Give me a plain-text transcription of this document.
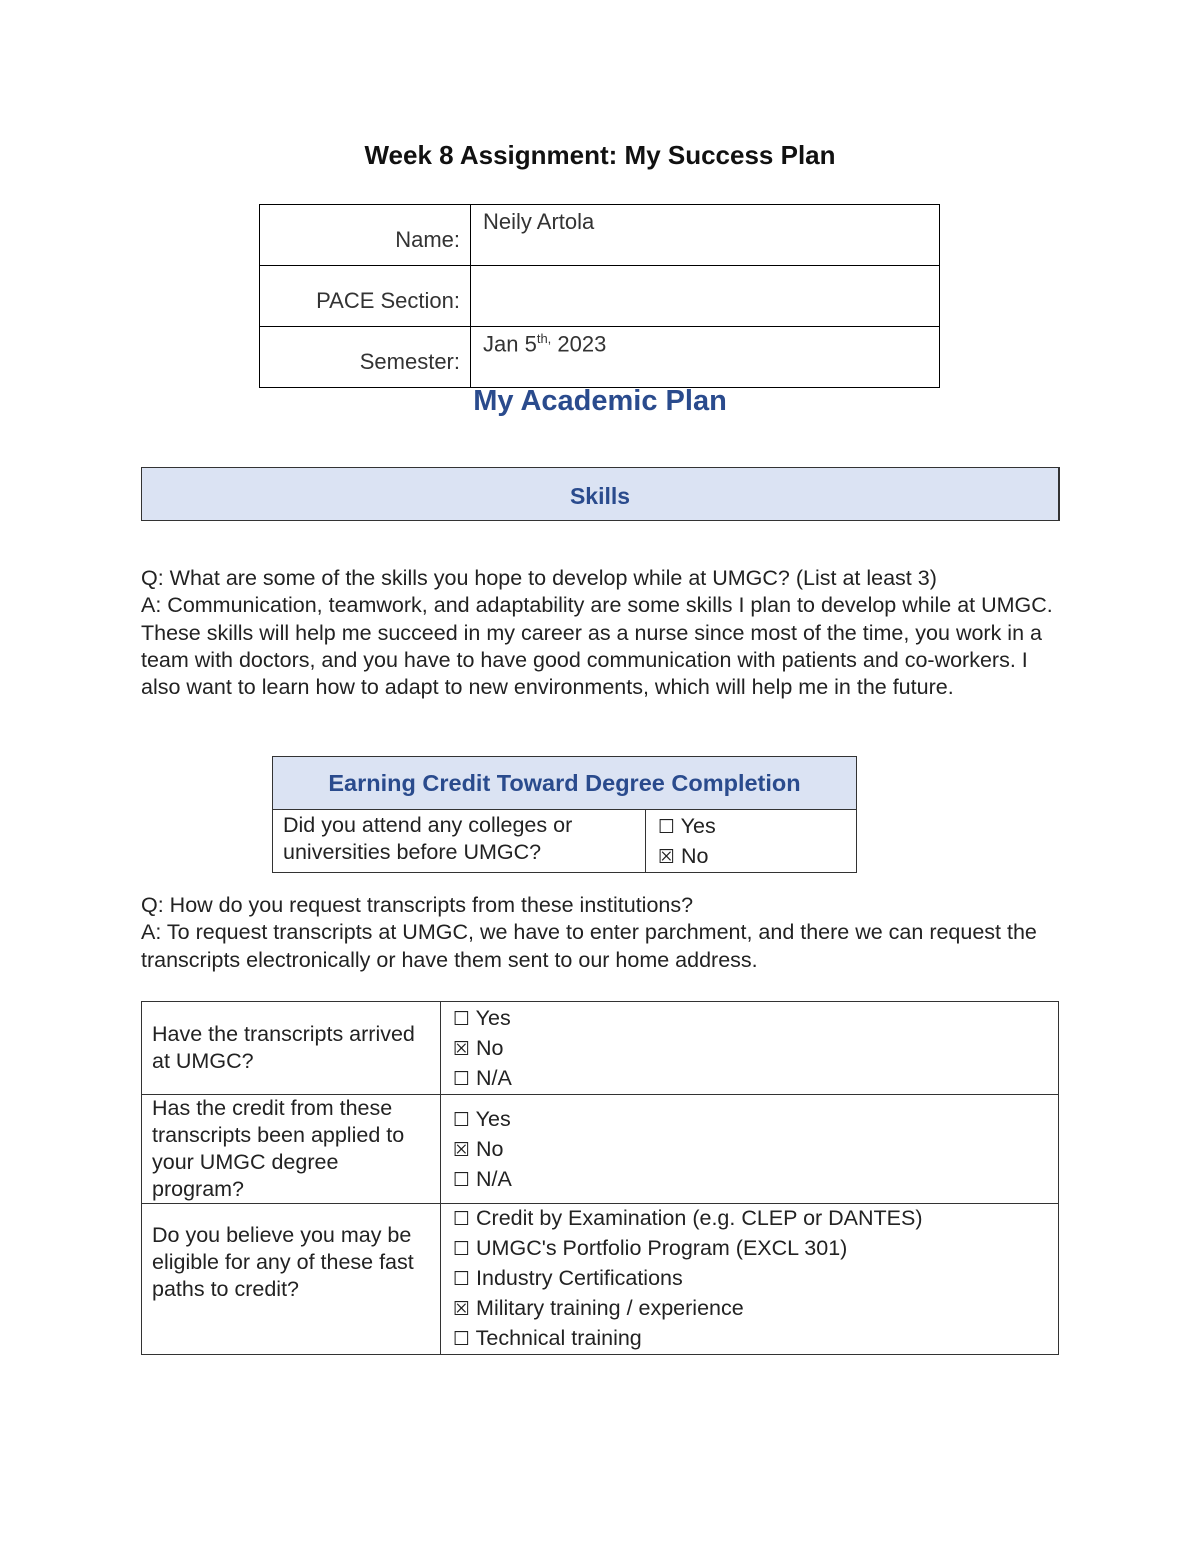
Week 8 Assignment: My Success Plan
Name:	Neily Artola
PACE Section:	
Semester:	Jan $5^{th,}$ 2023
My Academic Plan
Skills

Q: What are some of the skills you hope to develop while at UMGC? (List at least 3)

A: Communication, teamwork, and adaptability are some skills I plan to develop while at UMGC. These skills will help me succeed in my career as a nurse since most of the time, you work in a team with doctors, and you have to have good communication with patients and co-workers. I also want to learn how to adapt to new environments, which will help me in the future.

Earning Credit Toward Degree Completion
Did you attend any colleges or universities before UMGC?	
☐ Yes
☒ No

Q: How do you request transcripts from these institutions?

A: To request transcripts at UMGC, we have to enter parchment, and there we can request the transcripts electronically or have them sent to our home address.

Have the transcripts arrived at UMGC?	☐ Yes
☒ No
☐ N/A

Has the credit from these transcripts been applied to your UMGC degree program?	☐ Yes
☒ No
☐ N/A

Do you believe you may be eligible for any of these fast paths to credit?	☐ Credit by Examination (e.g. CLEP or DANTES)
☐ UMGC's Portfolio Program (EXCL 301)
☐ Industry Certifications
☒ Military training / experience
☐ Technical training
